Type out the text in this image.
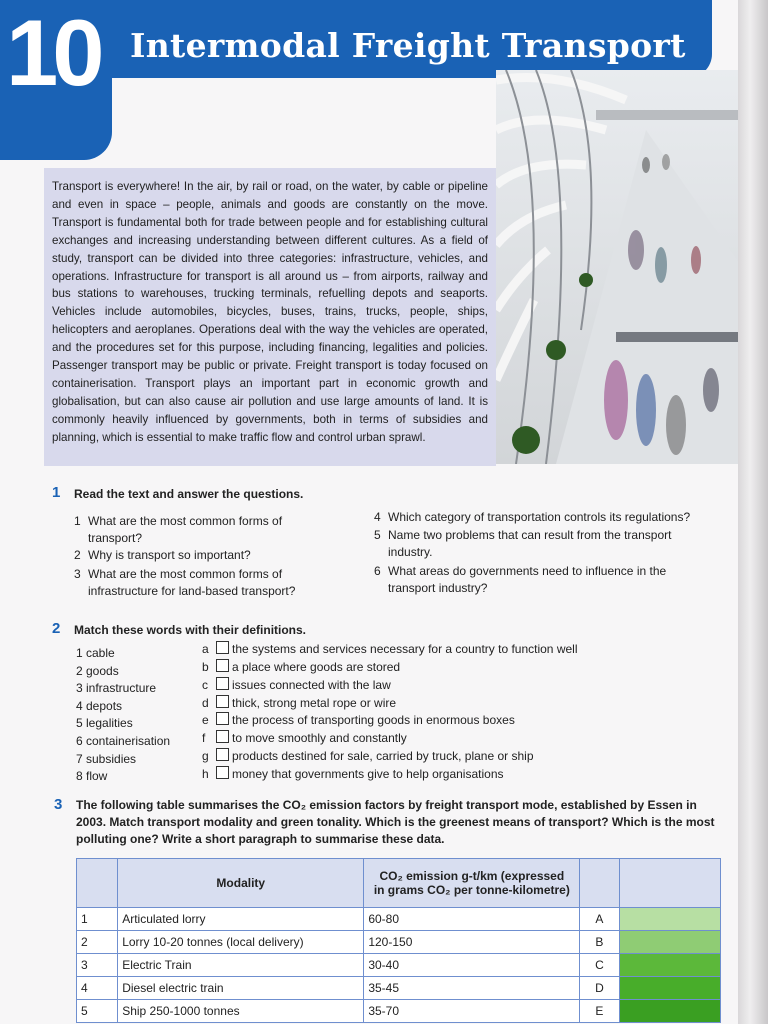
10 Intermodal Freight Transport

Transport is everywhere! In the air, by rail or road, on the water, by cable or pipeline and even in space – people, animals and goods are constantly on the move. Transport is fundamental both for trade between people and for establishing cultural exchanges and increasing understanding between different cultures. As a field of study, transport can be divided into three categories: infrastructure, vehicles, and operations. Infrastructure for transport is all around us – from airports, railway and bus stations to warehouses, trucking terminals, refuelling depots and seaports. Vehicles include automobiles, bicycles, buses, trains, trucks, people, ships, helicopters and aeroplanes. Operations deal with the way the vehicles are operated, and the procedures set for this purpose, including financing, legalities and policies. Passenger transport may be public or private. Freight transport is today focused on containerisation. Transport plays an important part in economic growth and globalisation, but can also cause air pollution and use large amounts of land. It is commonly heavily influenced by governments, both in terms of subsidies and planning, which is essential to make traffic flow and control urban sprawl.

1 Read the text and answer the questions.
1 What are the most common forms of
transport?
2 Why is transport so important?
3 What are the most common forms of
infrastructure for land-based transport?
4 Which category of transportation controls its regulations?
5 Name two problems that can result from the transport
industry.
6 What areas do governments need to influence in the
transport industry?
2 Match these words with their definitions.
1 cable
2 goods
3 infrastructure
4 depots
5 legalities
6 containerisation
7 subsidies
8 flow
a the systems and services necessary for a country to function well
b a place where goods are stored
c issues connected with the law
d thick, strong metal rope or wire
e the process of transporting goods in enormous boxes
f to move smoothly and constantly
g products destined for sale, carried by truck, plane or ship
h money that governments give to help organisations
3 The following table summarises the CO₂ emission factors by freight transport mode, established by Essen in 2003. Match transport modality and green tonality. Which is the greenest means of transport? Which is the most polluting one? Write a short paragraph to summarise these data.
	Modality	CO₂ emission g-t/km (expressed
in grams CO₂ per tonne-kilometre)		
1	Articulated lorry	60-80	A	

2	Lorry 10-20 tonnes (local delivery)	120-150	B	

3	Electric Train	30-40	C	

4	Diesel electric train	35-45	D	

5	Ship 250-1000 tonnes	35-70	E	
